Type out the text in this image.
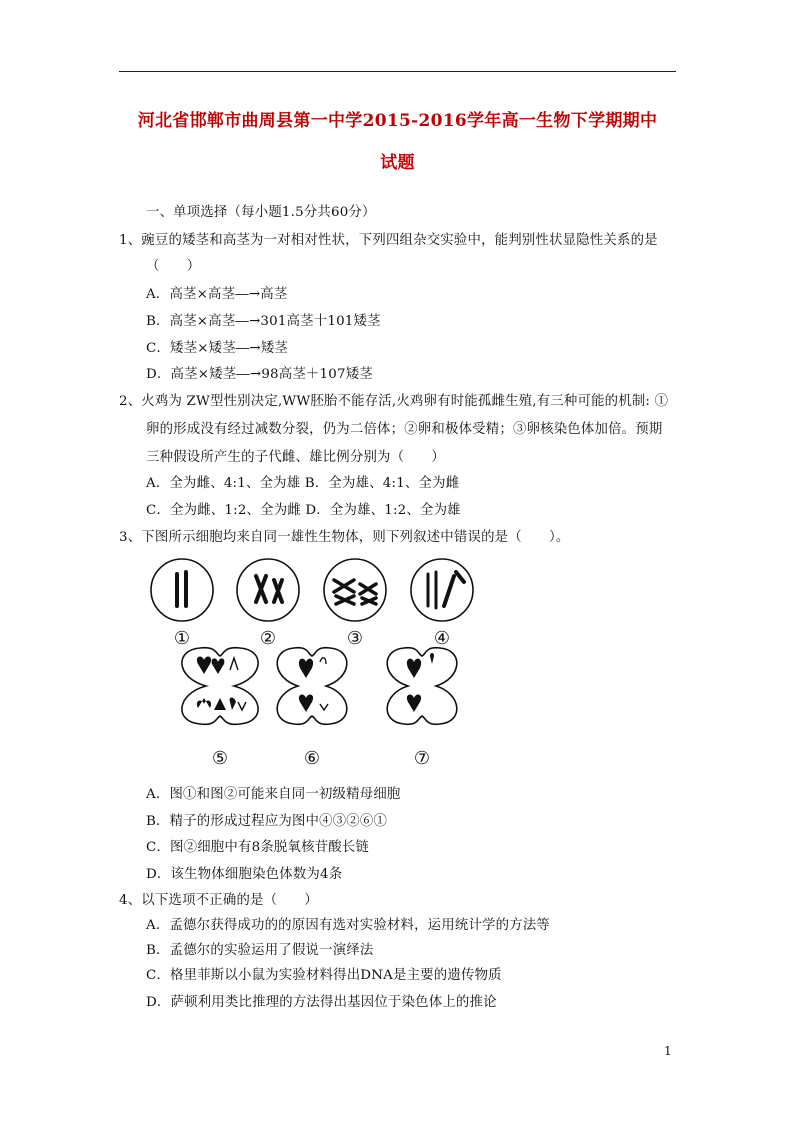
河北省邯郸市曲周县第一中学2015-2016学年高一生物下学期期中
试题
一、单项选择（每小题1.5分共60分）
1、豌豆的矮茎和高茎为一对相对性状，下列四组杂交实验中，能判别性状显隐性关系的是
（　　）
A．高茎×高茎―→高茎
B．高茎×高茎―→301高茎十101矮茎
C．矮茎×矮茎―→矮茎
D．高茎×矮茎―→98高茎＋107矮茎
2、火鸡为 ZW型性别决定,WW胚胎不能存活,火鸡卵有时能孤雌生殖,有三种可能的机制: ①
卵的形成没有经过减数分裂，仍为二倍体；②卵和极体受精；③卵核染色体加倍。预期
三种假设所产生的子代雌、雄比例分别为（　　）
A．全为雌、4:1、全为雄 B．全为雄、4:1、全为雌
C．全为雌、1:2、全为雌 D．全为雄、1:2、全为雄
3、下图所示细胞均来自同一雄性生物体，则下列叙述中错误的是（　　）。
①	②	③	④
⑤	⑥	⑦
A．图①和图②可能来自同一初级精母细胞
B．精子的形成过程应为图中④③②⑥①
C．图②细胞中有8条脱氧核苷酸长链
D．该生物体细胞染色体数为4条
4、以下选项不正确的是（　　）
A．孟德尔获得成功的的原因有选对实验材料，运用统计学的方法等
B．孟德尔的实验运用了假说一演绎法
C．格里菲斯以小鼠为实验材料得出DNA是主要的遗传物质
D．萨顿利用类比推理的方法得出基因位于染色体上的推论
1
